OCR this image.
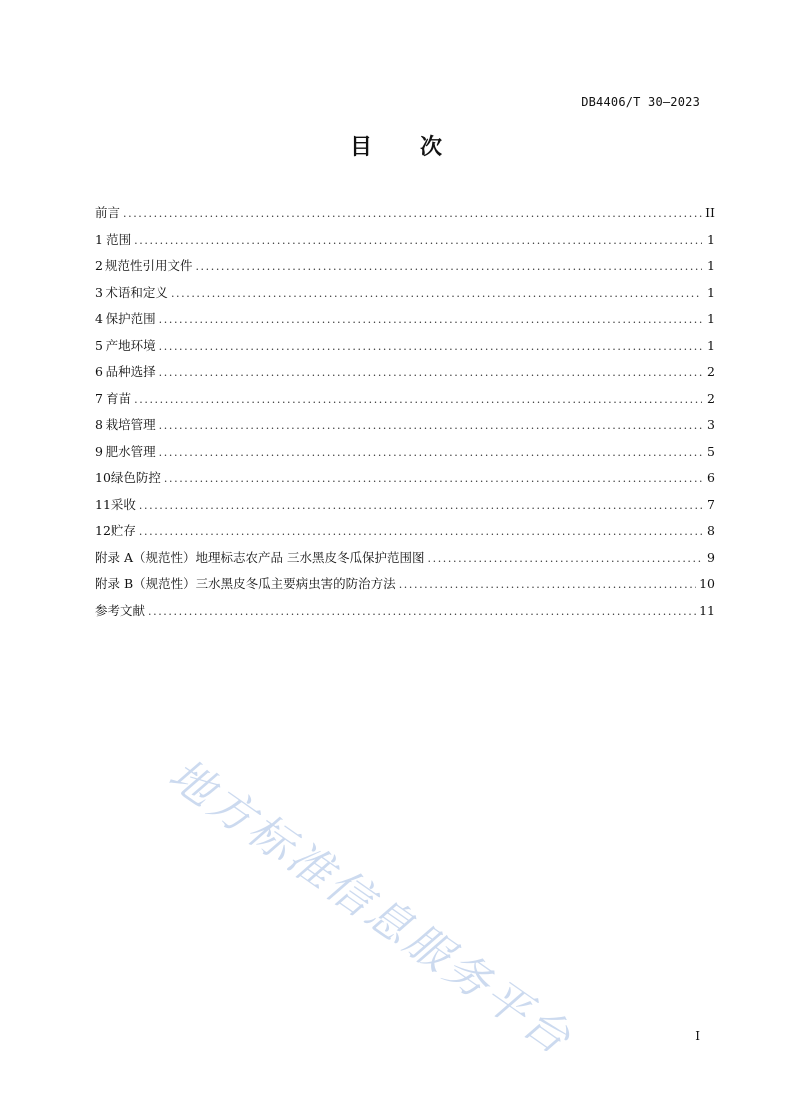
DB4406/T 30—2023
目 次
前言 .....	II
1 范围 .....	1
2 规范性引用文件 .....	1
3 术语和定义 .....	1
4 保护范围 .....	1
5 产地环境 .....	1
6 品种选择 .....	2
7 育苗 .....	2
8 栽培管理 .....	3
9 肥水管理 .....	5
10 绿色防控 .....	6
11 采收 .....	7
12 贮存 .....	8
附录 A（规范性） 地理标志农产品 三水黑皮冬瓜保护范围图 .....	9
附录 B（规范性） 三水黑皮冬瓜主要病虫害的防治方法 .....	10
参考文献 .....	11
地方标准信息服务平台	I
